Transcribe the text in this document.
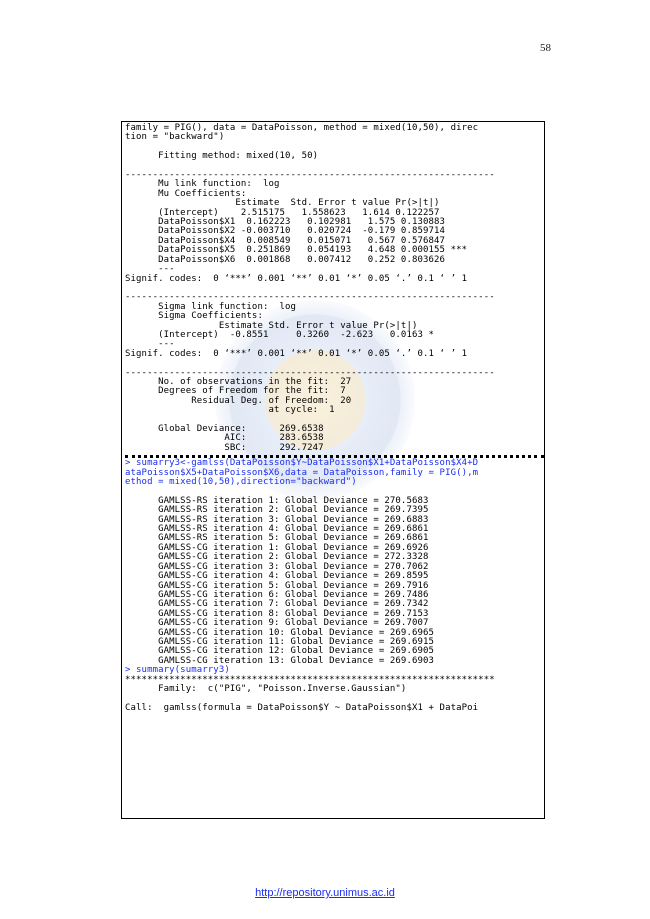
58
family = PIG(), data = DataPoisson, method = mixed(10,50), direc
tion = "backward")

Fitting method: mixed(10, 50)

-------------------------------------------------------------------
Mu link function:  log
Mu Coefficients:
Estimate  Std. Error t value Pr(>|t|)
(Intercept)    2.515175   1.558623   1.614 0.122257
DataPoisson$X1  0.162223   0.102981   1.575 0.130883
DataPoisson$X2 -0.003710   0.020724  -0.179 0.859714
DataPoisson$X4  0.008549   0.015071   0.567 0.576847
DataPoisson$X5  0.251869   0.054193   4.648 0.000155 ***
DataPoisson$X6  0.001868   0.007412   0.252 0.803626
---
Signif. codes:  0 ‘***’ 0.001 ‘**’ 0.01 ‘*’ 0.05 ‘.’ 0.1 ‘ ’ 1

-------------------------------------------------------------------
Sigma link function:  log
Sigma Coefficients:
Estimate Std. Error t value Pr(>|t|)
(Intercept)  -0.8551     0.3260  -2.623   0.0163 *
---
Signif. codes:  0 ‘***’ 0.001 ‘**’ 0.01 ‘*’ 0.05 ‘.’ 0.1 ‘ ’ 1

-------------------------------------------------------------------
No. of observations in the fit:  27
Degrees of Freedom for the fit:  7
Residual Deg. of Freedom:  20
at cycle:  1

Global Deviance:      269.6538
AIC:      283.6538
SBC:      292.7247
> sumarry3<-gamlss(DataPoisson$Y~DataPoisson$X1+DataPoisson$X4+D
ataPoisson$X5+DataPoisson$X6,data = DataPoisson,family = PIG(),m
ethod = mixed(10,50),direction="backward")

GAMLSS-RS iteration 1: Global Deviance = 270.5683
GAMLSS-RS iteration 2: Global Deviance = 269.7395
GAMLSS-RS iteration 3: Global Deviance = 269.6883
GAMLSS-RS iteration 4: Global Deviance = 269.6861
GAMLSS-RS iteration 5: Global Deviance = 269.6861
GAMLSS-CG iteration 1: Global Deviance = 269.6926
GAMLSS-CG iteration 2: Global Deviance = 272.3328
GAMLSS-CG iteration 3: Global Deviance = 270.7062
GAMLSS-CG iteration 4: Global Deviance = 269.8595
GAMLSS-CG iteration 5: Global Deviance = 269.7916
GAMLSS-CG iteration 6: Global Deviance = 269.7486
GAMLSS-CG iteration 7: Global Deviance = 269.7342
GAMLSS-CG iteration 8: Global Deviance = 269.7153
GAMLSS-CG iteration 9: Global Deviance = 269.7007
GAMLSS-CG iteration 10: Global Deviance = 269.6965
GAMLSS-CG iteration 11: Global Deviance = 269.6915
GAMLSS-CG iteration 12: Global Deviance = 269.6905
GAMLSS-CG iteration 13: Global Deviance = 269.6903
> summary(sumarry3)
*******************************************************************
Family:  c("PIG", "Poisson.Inverse.Gaussian")

Call:  gamlss(formula = DataPoisson$Y ~ DataPoisson$X1 + DataPoi
http://repository.unimus.ac.id
